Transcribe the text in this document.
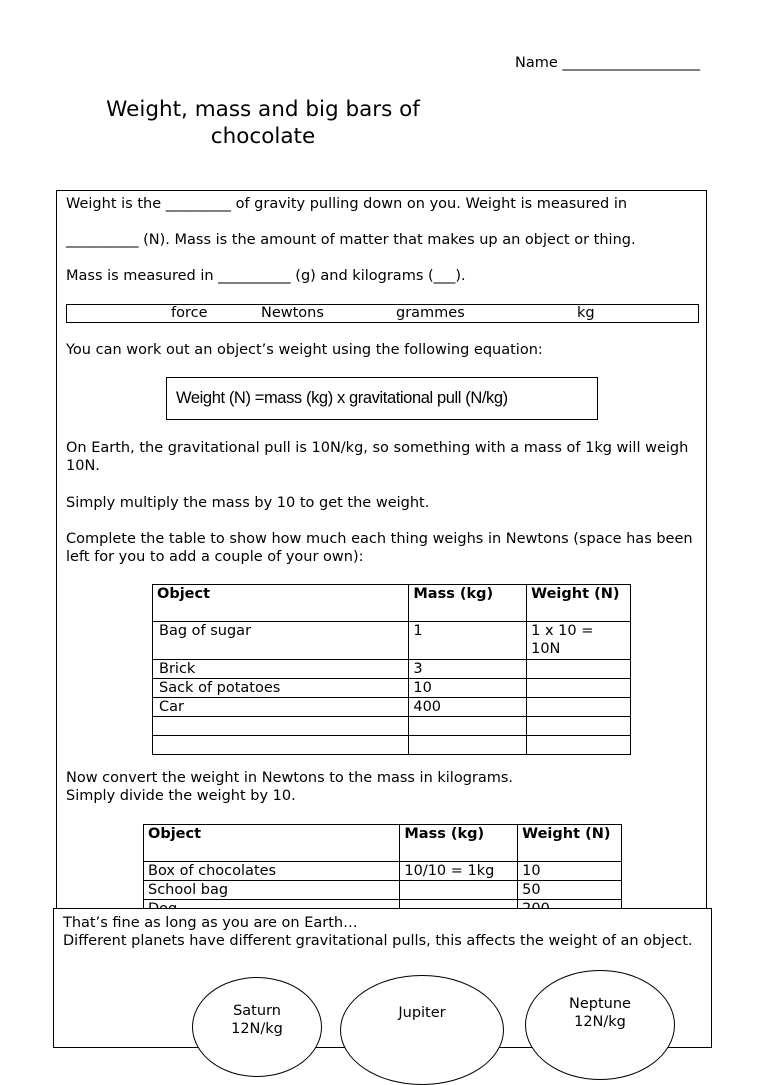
Name ___________________
Weight, mass and big bars of chocolate
Weight is the _________ of gravity pulling down on you. Weight is measured in
__________ (N). Mass is the amount of matter that makes up an object or thing.
Mass is measured in __________ (g) and kilograms (___).
force	Newtons	grammes	kg
You can work out an object’s weight using the following equation:
Weight (N) =mass (kg) x gravitational pull (N/kg)
On Earth, the gravitational pull is 10N/kg, so something with a mass of 1kg will weigh 10N.
Simply multiply the mass by 10 to get the weight.
Complete the table to show how much each thing weighs in Newtons (space has been left for you to add a couple of your own):
Object	Mass (kg)	Weight (N)
Bag of sugar	1	1 x 10 = 10N
Brick	3	
Sack of potatoes	10	
Car	400	

Now convert the weight in Newtons to the mass in kilograms.
Simply divide the weight by 10.
Object	Mass (kg)	Weight (N)
Box of chocolates	10/10 = 1kg	10
School bag		50

That’s fine as long as you are on Earth…
Different planets have different gravitational pulls, this affects the weight of an object.
Saturn
12N/kg
Jupiter
Neptune
12N/kg
